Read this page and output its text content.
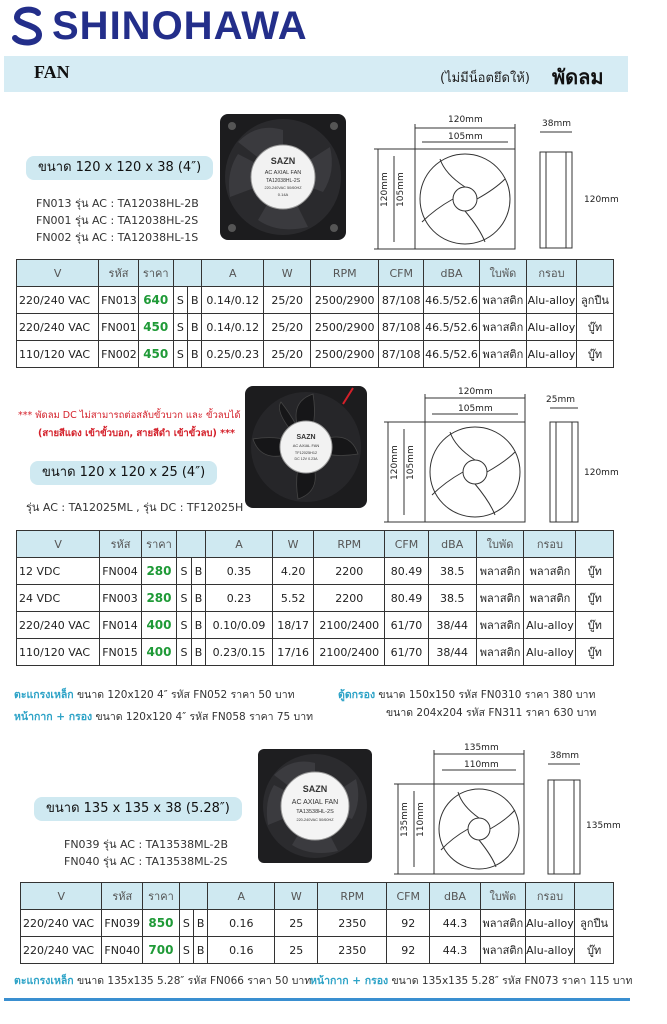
SHINOHAWA
FAN	(ไม่มีน็อตยึดให้) พัดลม
ขนาด 120 x 120 x 38 (4″)
FN013 รุ่น AC : TA12038HL-2B
FN001 รุ่น AC : TA12038HL-2S
FN002 รุ่น AC : TA12038HL-1S
SAZN
AC AXIAL FAN
TA12038HL-2S
220-240VAC 50/60HZ
0.14A
120mm
105mm
120mm 105mm
38mm
120mm
V	รหัส	ราคา			A	W	RPM	CFM	dBA	ใบพัด	กรอบ	
220/240 VAC	FN013	640	S	B	0.14/0.12	25/20	2500/2900	87/108	46.5/52.6	พลาสติก	Alu-alloy	ลูกปืน
220/240 VAC	FN001	450	S	B	0.14/0.12	25/20	2500/2900	87/108	46.5/52.6	พลาสติก	Alu-alloy	บู๊ท
110/120 VAC	FN002	450	S	B	0.25/0.23	25/20	2500/2900	87/108	46.5/52.6	พลาสติก	Alu-alloy	บู๊ท
*** พัดลม DC ไม่สามารถต่อสลับขั้วบวก และ ขั้วลบได้
(สายสีแดง เข้าขั้วบอก, สายสีดำ เข้าขั้วลบ) ***
ขนาด 120 x 120 x 25 (4″)
รุ่น AC : TA12025ML , รุ่น DC : TF12025H
SAZN
AC AXIAL FAN
TF12025H12
DC 12V 0.23A
120mm
105mm
120mm 105mm
25mm
120mm
V	รหัส	ราคา			A	W	RPM	CFM	dBA	ใบพัด	กรอบ	
12 VDC	FN004	280	S	B	0.35	4.20	2200	80.49	38.5	พลาสติก	พลาสติก	บู๊ท
24 VDC	FN003	280	S	B	0.23	5.52	2200	80.49	38.5	พลาสติก	พลาสติก	บู๊ท
220/240 VAC	FN014	400	S	B	0.10/0.09	18/17	2100/2400	61/70	38/44	พลาสติก	Alu-alloy	บู๊ท
110/120 VAC	FN015	400	S	B	0.23/0.15	17/16	2100/2400	61/70	38/44	พลาสติก	Alu-alloy	บู๊ท
ตะแกรงเหล็ก ขนาด 120x120 4″ รหัส FN052 ราคา 50 บาท
หน้ากาก + กรอง ขนาด 120x120 4″ รหัส FN058 ราคา 75 บาท
ตู้ดกรอง ขนาด 150x150 รหัส FN0310 ราคา 380 บาท
ขนาด 204x204 รหัส FN311 ราคา 630 บาท
ขนาด 135 x 135 x 38 (5.28″)
FN039 รุ่น AC : TA13538ML-2B
FN040 รุ่น AC : TA13538ML-2S
SAZN
AC AXIAL FAN
TA13538HL-2S
220-240VAC 50/60HZ
135mm
110mm
135mm 110mm
38mm
135mm
V	รหัส	ราคา			A	W	RPM	CFM	dBA	ใบพัด	กรอบ	
220/240 VAC	FN039	850	S	B	0.16	25	2350	92	44.3	พลาสติก	Alu-alloy	ลูกปืน
220/240 VAC	FN040	700	S	B	0.16	25	2350	92	44.3	พลาสติก	Alu-alloy	บู๊ท
ตะแกรงเหล็ก ขนาด 135x135 5.28″ รหัส FN066 ราคา 50 บาท
หน้ากาก + กรอง ขนาด 135x135 5.28″ รหัส FN073 ราคา 115 บาท
